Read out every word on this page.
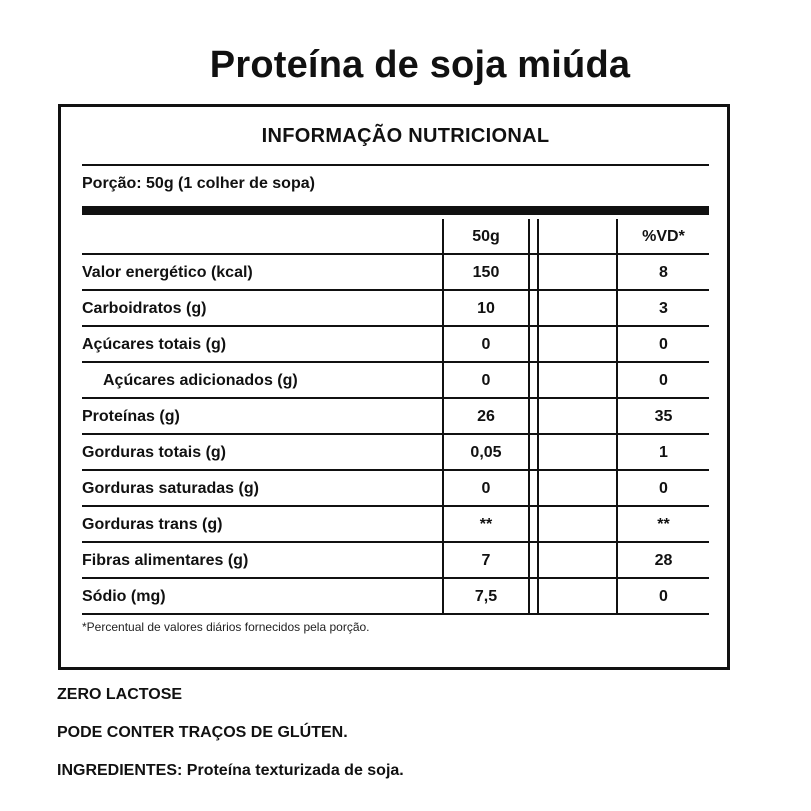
Proteína de soja miúda
INFORMAÇÃO NUTRICIONAL
Porção: 50g (1 colher de sopa)
50g	%VD*
Valor energético (kcal)	150	8
Carboidratos (g)	10	3
Açúcares totais (g)	0	0
Açúcares adicionados (g)	0	0
Proteínas (g)	26	35
Gorduras totais (g)	0,05	1
Gorduras saturadas (g)	0	0
Gorduras trans (g)	**	**
Fibras alimentares (g)	7	28
Sódio (mg)	7,5	0
*Percentual de valores diários fornecidos pela porção.
ZERO LACTOSE
PODE CONTER TRAÇOS DE GLÚTEN.
INGREDIENTES: Proteína texturizada de soja.
